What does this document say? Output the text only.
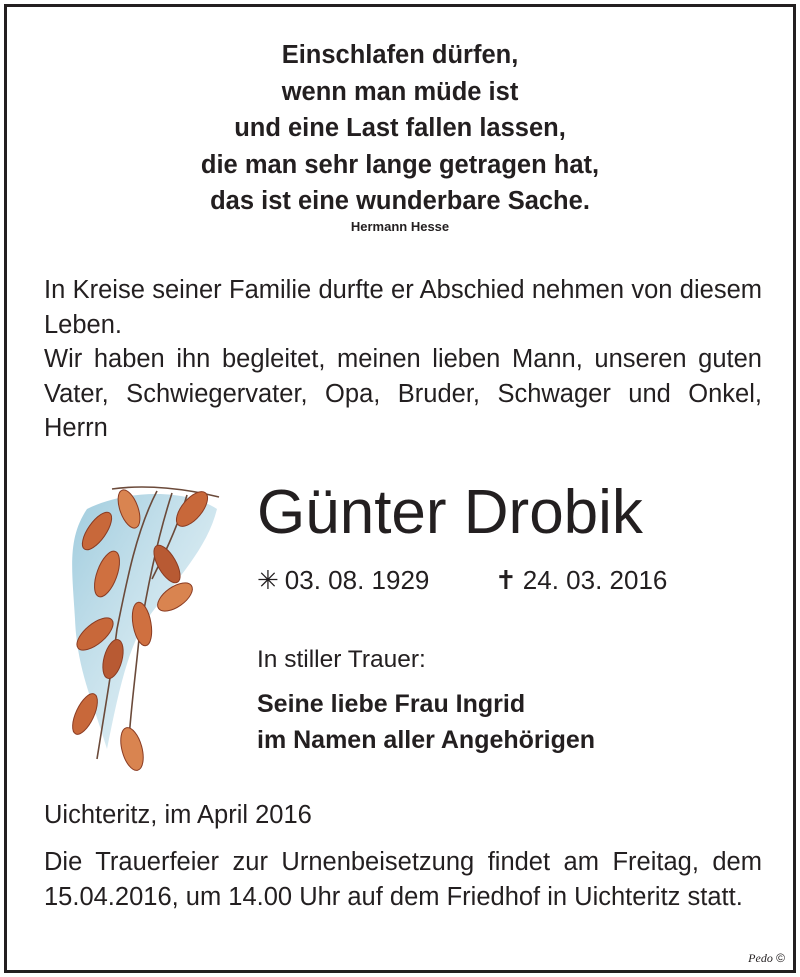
Einschlafen dürfen,
wenn man müde ist
und eine Last fallen lassen,
die man sehr lange getragen hat,
das ist eine wunderbare Sache.
Hermann Hesse
In Kreise seiner Familie durfte er Abschied nehmen von diesem Leben.
Wir haben ihn begleitet, meinen lieben Mann, unseren guten Vater, Schwiegervater, Opa, Bruder, Schwager und Onkel, Herrn
Günter Drobik
✳ 03. 08. 1929	✝ 24. 03. 2016
In stiller Trauer:
Seine liebe Frau Ingrid
im Namen aller Angehörigen
Uichteritz, im April 2016
Die Trauerfeier zur Urnenbeisetzung findet am Freitag, dem 15.04.2016, um 14.00 Uhr auf dem Friedhof in Uichteritz statt.
Pedo ©
